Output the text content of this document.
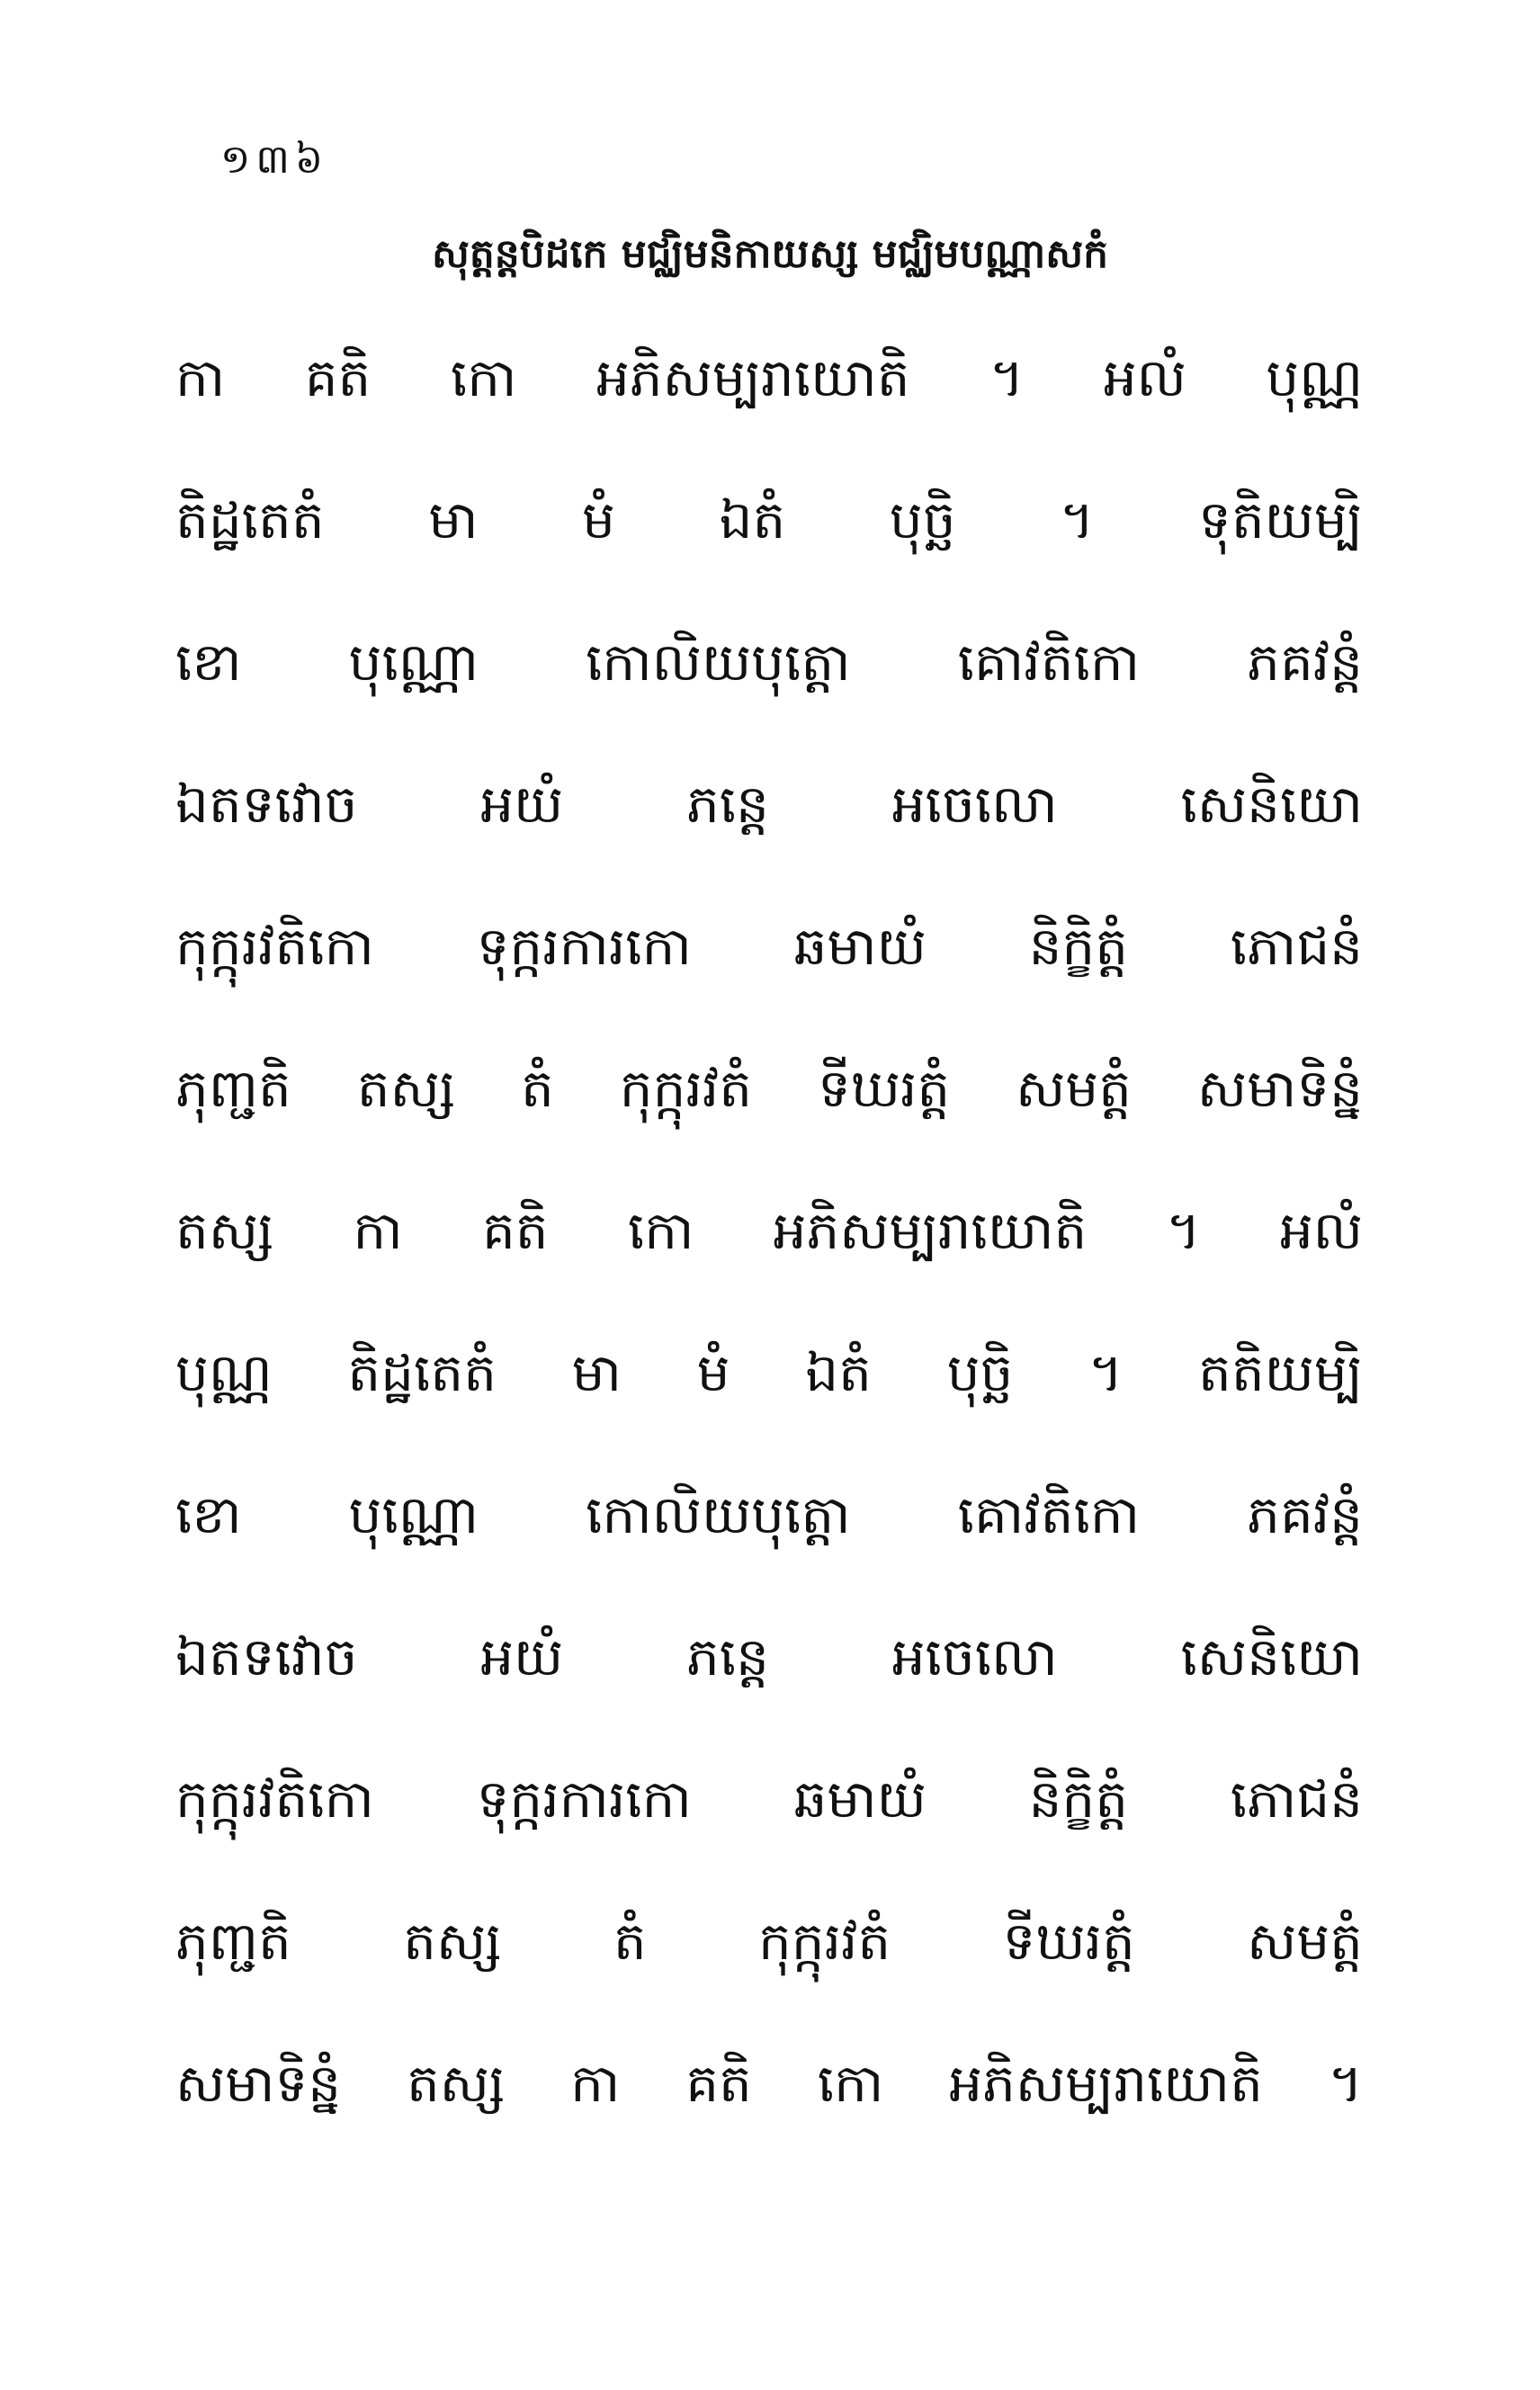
១៣៦
សុត្តន្តបិដកេ មជ្ឈិមនិកាយស្ស មជ្ឈិមបណ្ណាសកំ
កា គតិ កោ អភិសម្បរាយោតិ ។ អលំ បុណ្ណ
តិដ្ឋតេតំ មា មំ ឯតំ បុច្ឆិ ។ ទុតិយម្បិ
ខោ បុណ្ណោ កោលិយបុត្តោ គោវតិកោ ភគវន្តំ
ឯតទវោច អយំ ភន្តេ អចេលោ សេនិយោ
កុក្កុរវតិកោ ទុក្ករការកោ ឆមាយំ និក្ខិត្តំ ភោជនំ
ភុញ្ជតិ តស្ស តំ កុក្កុរវតំ ទីឃរត្តំ សមត្តំ សមាទិន្នំ
តស្ស កា គតិ កោ អភិសម្បរាយោតិ ។ អលំ
បុណ្ណ តិដ្ឋតេតំ មា មំ ឯតំ បុច្ឆិ ។ តតិយម្បិ
ខោ បុណ្ណោ កោលិយបុត្តោ គោវតិកោ ភគវន្តំ
ឯតទវោច អយំ ភន្តេ អចេលោ សេនិយោ
កុក្កុរវតិកោ ទុក្ករការកោ ឆមាយំ និក្ខិត្តំ ភោជនំ
ភុញ្ជតិ តស្ស តំ កុក្កុរវតំ ទីឃរត្តំ សមត្តំ
សមាទិន្នំ តស្ស កា គតិ កោ អភិសម្បរាយោតិ ។
